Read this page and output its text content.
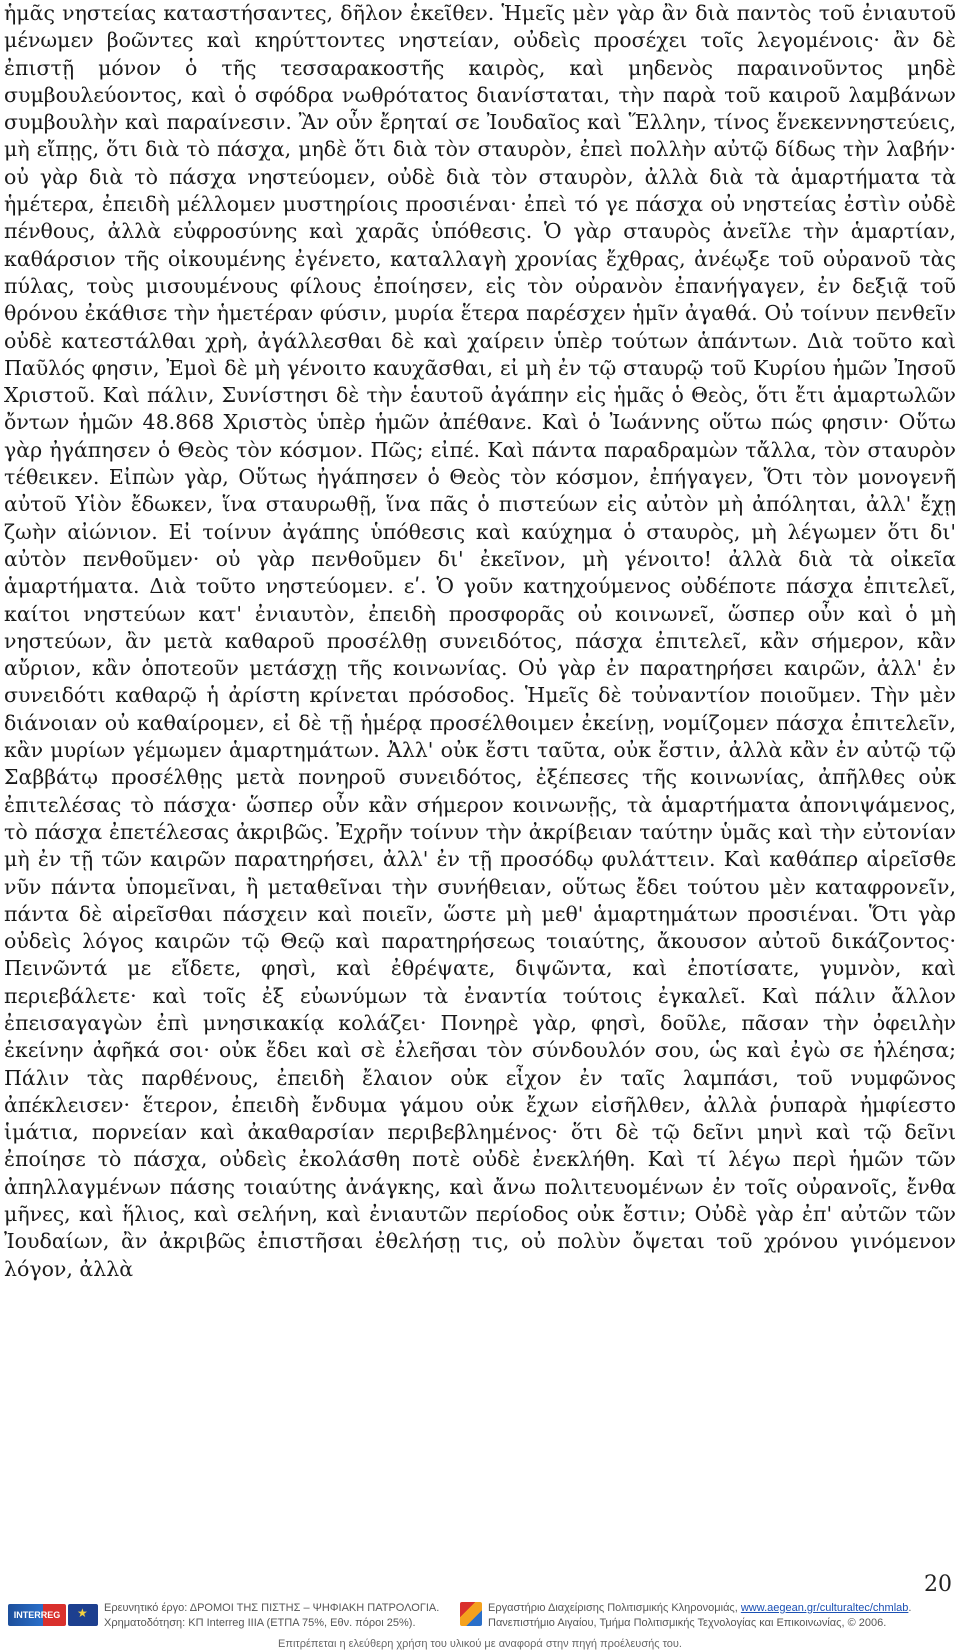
ἡμᾶς νηστείας καταστήσαντες, δῆλον ἐκεῖθεν. Ἡμεῖς μὲν γὰρ ἂν διὰ παντὸς τοῦ ἐνιαυτοῦ μένωμεν βοῶντες καὶ κηρύττοντες νηστείαν, οὐδεὶς προσέχει τοῖς λεγομένοις· ἂν δὲ ἐπιστῇ μόνον ὁ τῆς τεσσαρακοστῆς καιρὸς, καὶ μηδενὸς παραινοῦντος μηδὲ συμβουλεύοντος, καὶ ὁ σφόδρα νωθρότατος διανίσταται, τὴν παρὰ τοῦ καιροῦ λαμβάνων συμβουλὴν καὶ παραίνεσιν. Ἂν οὖν ἔρηταί σε Ἰουδαῖος καὶ Ἕλλην, τίνος ἕνεκεννηστεύεις, μὴ εἴπῃς, ὅτι διὰ τὸ πάσχα, μηδὲ ὅτι διὰ τὸν σταυρὸν, ἐπεὶ πολλὴν αὐτῷ δίδως τὴν λαβήν· οὐ γὰρ διὰ τὸ πάσχα νηστεύομεν, οὐδὲ διὰ τὸν σταυρὸν, ἀλλὰ διὰ τὰ ἁμαρτήματα τὰ ἡμέτερα, ἐπειδὴ μέλλομεν μυστηρίοις προσιέναι· ἐπεὶ τό γε πάσχα οὐ νηστείας ἐστὶν οὐδὲ πένθους, ἀλλὰ εὐφροσύνης καὶ χαρᾶς ὑπόθεσις. Ὁ γὰρ σταυρὸς ἀνεῖλε τὴν ἁμαρτίαν, καθάρσιον τῆς οἰκουμένης ἐγένετο, καταλλαγὴ χρονίας ἔχθρας, ἀνέῳξε τοῦ οὐρανοῦ τὰς πύλας, τοὺς μισουμένους φίλους ἐποίησεν, εἰς τὸν οὐρανὸν ἐπανήγαγεν, ἐν δεξιᾷ τοῦ θρόνου ἐκάθισε τὴν ἡμετέραν φύσιν, μυρία ἕτερα παρέσχεν ἡμῖν ἀγαθά. Οὐ τοίνυν πενθεῖν οὐδὲ κατεστάλθαι χρὴ, ἀγάλλεσθαι δὲ καὶ χαίρειν ὑπὲρ τούτων ἁπάντων. Διὰ τοῦτο καὶ Παῦλός φησιν, Ἐμοὶ δὲ μὴ γένοιτο καυχᾶσθαι, εἰ μὴ ἐν τῷ σταυρῷ τοῦ Κυρίου ἡμῶν Ἰησοῦ Χριστοῦ. Καὶ πάλιν, Συνίστησι δὲ τὴν ἑαυτοῦ ἀγάπην εἰς ἡμᾶς ὁ Θεὸς, ὅτι ἔτι ἁμαρτωλῶν ὄντων ἡμῶν 48.868 Χριστὸς ὑπὲρ ἡμῶν ἀπέθανε. Καὶ ὁ Ἰωάννης οὕτω πώς φησιν· Οὕτω γὰρ ἠγάπησεν ὁ Θεὸς τὸν κόσμον. Πῶς; εἰπέ. Καὶ πάντα παραδραμὼν τἄλλα, τὸν σταυρὸν τέθεικεν. Εἰπὼν γὰρ, Οὕτως ἠγάπησεν ὁ Θεὸς τὸν κόσμον, ἐπήγαγεν, Ὅτι τὸν μονογενῆ αὐτοῦ Υἱὸν ἔδωκεν, ἵνα σταυρωθῇ, ἵνα πᾶς ὁ πιστεύων εἰς αὐτὸν μὴ ἀπόληται, ἀλλ' ἔχῃ ζωὴν αἰώνιον. Εἰ τοίνυν ἀγάπης ὑπόθεσις καὶ καύχημα ὁ σταυρὸς, μὴ λέγωμεν ὅτι δι' αὐτὸν πενθοῦμεν· οὐ γὰρ πενθοῦμεν δι' ἐκεῖνον, μὴ γένοιτο! ἀλλὰ διὰ τὰ οἰκεῖα ἁμαρτήματα. Διὰ τοῦτο νηστεύομεν. εʹ. Ὁ γοῦν κατηχούμενος οὐδέποτε πάσχα ἐπιτελεῖ, καίτοι νηστεύων κατ' ἐνιαυτὸν, ἐπειδὴ προσφορᾶς οὐ κοινωνεῖ, ὥσπερ οὖν καὶ ὁ μὴ νηστεύων, ἂν μετὰ καθαροῦ προσέλθῃ συνειδότος, πάσχα ἐπιτελεῖ, κἂν σήμερον, κἂν αὔριον, κἂν ὁποτεοῦν μετάσχῃ τῆς κοινωνίας. Οὐ γὰρ ἐν παρατηρήσει καιρῶν, ἀλλ' ἐν συνειδότι καθαρῷ ἡ ἀρίστη κρίνεται πρόσοδος. Ἡμεῖς δὲ τοὐναντίον ποιοῦμεν. Τὴν μὲν διάνοιαν οὐ καθαίρομεν, εἰ δὲ τῇ ἡμέρᾳ προσέλθοιμεν ἐκείνῃ, νομίζομεν πάσχα ἐπιτελεῖν, κἂν μυρίων γέμωμεν ἁμαρτημάτων. Ἀλλ' οὐκ ἔστι ταῦτα, οὐκ ἔστιν, ἀλλὰ κἂν ἐν αὐτῷ τῷ Σαββάτῳ προσέλθῃς μετὰ πονηροῦ συνειδότος, ἐξέπεσες τῆς κοινωνίας, ἀπῆλθες οὐκ ἐπιτελέσας τὸ πάσχα· ὥσπερ οὖν κἂν σήμερον κοινωνῇς, τὰ ἁμαρτήματα ἀπονιψάμενος, τὸ πάσχα ἐπετέλεσας ἀκριβῶς. Ἐχρῆν τοίνυν τὴν ἀκρίβειαν ταύτην ὑμᾶς καὶ τὴν εὐτονίαν μὴ ἐν τῇ τῶν καιρῶν παρατηρήσει, ἀλλ' ἐν τῇ προσόδῳ φυλάττειν. Καὶ καθάπερ αἱρεῖσθε νῦν πάντα ὑπομεῖναι, ἢ μεταθεῖναι τὴν συνήθειαν, οὕτως ἔδει τούτου μὲν καταφρονεῖν, πάντα δὲ αἱρεῖσθαι πάσχειν καὶ ποιεῖν, ὥστε μὴ μεθ' ἁμαρτημάτων προσιέναι. Ὅτι γὰρ οὐδεὶς λόγος καιρῶν τῷ Θεῷ καὶ παρατηρήσεως τοιαύτης, ἄκουσον αὐτοῦ δικάζοντος· Πεινῶντά με εἴδετε, φησὶ, καὶ ἐθρέψατε, διψῶντα, καὶ ἐποτίσατε, γυμνὸν, καὶ περιεβάλετε· καὶ τοῖς ἐξ εὐωνύμων τὰ ἐναντία τούτοις ἐγκαλεῖ. Καὶ πάλιν ἄλλον ἐπεισαγαγὼν ἐπὶ μνησικακίᾳ κολάζει· Πονηρὲ γὰρ, φησὶ, δοῦλε, πᾶσαν τὴν ὀφειλὴν ἐκείνην ἀφῆκά σοι· οὐκ ἔδει καὶ σὲ ἐλεῆσαι τὸν σύνδουλόν σου, ὡς καὶ ἐγὼ σε ἠλέησα; Πάλιν τὰς παρθένους, ἐπειδὴ ἔλαιον οὐκ εἶχον ἐν ταῖς λαμπάσι, τοῦ νυμφῶνος ἀπέκλεισεν· ἕτερον, ἐπειδὴ ἔνδυμα γάμου οὐκ ἔχων εἰσῆλθεν, ἀλλὰ ῥυπαρὰ ἠμφίεστο ἱμάτια, πορνείαν καὶ ἀκαθαρσίαν περιβεβλημένος· ὅτι δὲ τῷ δεῖνι μηνὶ καὶ τῷ δεῖνι ἐποίησε τὸ πάσχα, οὐδεὶς ἐκολάσθη ποτὲ οὐδὲ ἐνεκλήθη. Καὶ τί λέγω περὶ ἡμῶν τῶν ἀπηλλαγμένων πάσης τοιαύτης ἀνάγκης, καὶ ἄνω πολιτευομένων ἐν τοῖς οὐρανοῖς, ἔνθα μῆνες, καὶ ἥλιος, καὶ σελήνη, καὶ ἐνιαυτῶν περίοδος οὐκ ἔστιν; Οὐδὲ γὰρ ἐπ' αὐτῶν τῶν Ἰουδαίων, ἂν ἀκριβῶς ἐπιστῆσαι ἐθελήσῃ τις, οὐ πολὺν ὄψεται τοῦ χρόνου γινόμενον λόγον, ἀλλὰ

20
INTERREG
★
Ερευνητικό έργο: ΔΡΟΜΟΙ ΤΗΣ ΠΙΣΤΗΣ – ΨΗΦΙΑΚΗ ΠΑΤΡΟΛΟΓΙΑ.
Χρηματοδότηση: ΚΠ Interreg IIIA (ΕΤΠΑ 75%, Εθν. πόροι 25%).
Εργαστήριο Διαχείρισης Πολιτισμικής Κληρονομιάς, www.aegean.gr/culturaltec/chmlab.
Πανεπιστήμιο Αιγαίου, Τμήμα Πολιτισμικής Τεχνολογίας και Επικοινωνίας, © 2006.
Επιτρέπεται η ελεύθερη χρήση του υλικού με αναφορά στην πηγή προέλευσής του.
